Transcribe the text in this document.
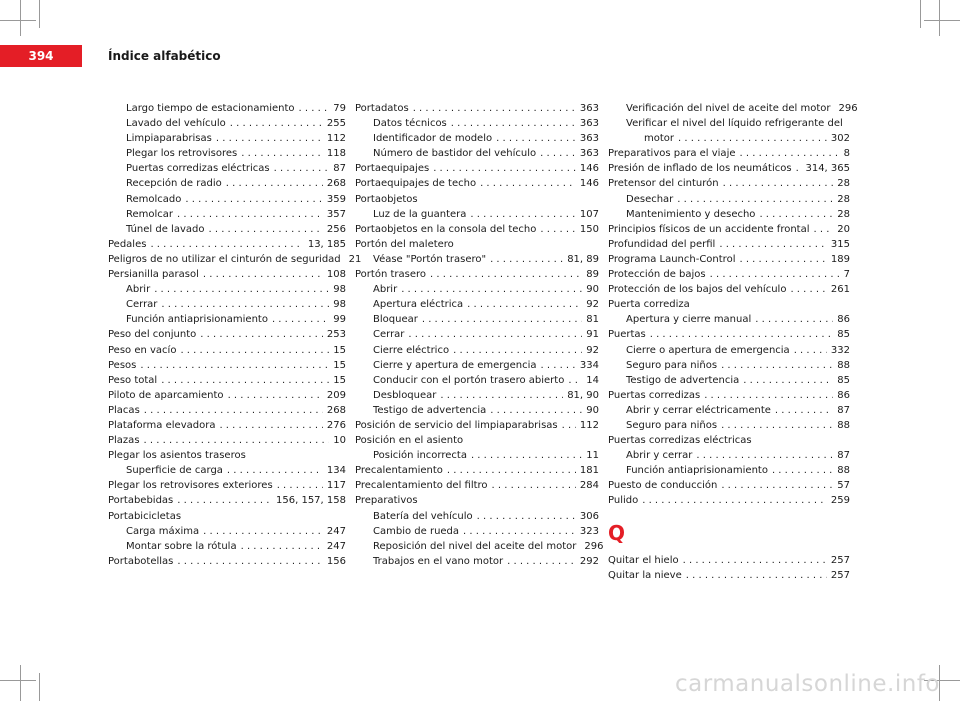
394	Índice alfabético
Largo tiempo de estacionamiento . . .	79
Lavado del vehículo . . .	255
Limpiaparabrisas . . .	112
Plegar los retrovisores . . .	118
Puertas corredizas eléctricas . . .	87
Recepción de radio . . .	268
Remolcado . . .	359
Remolcar . . .	357
Túnel de lavado . . .	256
Pedales . . .	13, 185
Peligros de no utilizar el cinturón de seguridad 21
Persianilla parasol . . .	108
Abrir . . .	98
Cerrar . . .	98
Función antiaprisionamiento . . .	99
Peso del conjunto . . .	253
Peso en vacío . . .	15
Pesos . . .	15
Peso total . . .	15
Piloto de aparcamiento . . .	209
Placas . . .	268
Plataforma elevadora . . .	276
Plazas . . .	10
Plegar los asientos traseros
Superficie de carga . . .	134
Plegar los retrovisores exteriores . . .	117
Portabebidas . . .	156, 157, 158
Portabicicletas
Carga máxima . . .	247
Montar sobre la rótula . . .	247
Portabotellas . . .	156
Portadatos . . .	363
Datos técnicos . . .	363
Identificador de modelo . . .	363
Número de bastidor del vehículo . . .	363
Portaequipajes . . .	146
Portaequipajes de techo . . .	146
Portaobjetos
Luz de la guantera . . .	107
Portaobjetos en la consola del techo . . .	150
Portón del maletero
Véase "Portón trasero" . . .	81, 89
Portón trasero . . .	89
Abrir . . .	90
Apertura eléctrica . . .	92
Bloquear . . .	81
Cerrar . . .	91
Cierre eléctrico . . .	92
Cierre y apertura de emergencia . . .	334
Conducir con el portón trasero abierto . . . 14
Desbloquear . . .	81, 90
Testigo de advertencia . . .	90
Posición de servicio del limpiaparabrisas . . . 112
Posición en el asiento
Posición incorrecta . . .	11
Precalentamiento . . .	181
Precalentamiento del filtro . . .	284
Preparativos
Batería del vehículo . . .	306
Cambio de rueda . . .	323
Reposición del nivel del aceite del motor 296
Trabajos en el vano motor . . .	292
Verificación del nivel de aceite del motor 296
Verificar el nivel del líquido refrigerante del
motor . . .	302
Preparativos para el viaje . . .	8
Presión de inflado de los neumáticos . . . 314, 365
Pretensor del cinturón . . .	28
Desechar . . .	28
Mantenimiento y desecho . . .	28
Principios físicos de un accidente frontal . . .	20
Profundidad del perfil . . .	315
Programa Launch-Control . . .	189
Protección de bajos . . .	7
Protección de los bajos del vehículo . . .	261
Puerta corrediza
Apertura y cierre manual . . .	86
Puertas . . .	85
Cierre o apertura de emergencia . . .	332
Seguro para niños . . .	88
Testigo de advertencia . . .	85
Puertas corredizas . . .	86
Abrir y cerrar eléctricamente . . .	87
Seguro para niños . . .	88
Puertas corredizas eléctricas
Abrir y cerrar . . .	87
Función antiaprisionamiento . . .	88
Puesto de conducción . . .	57
Pulido . . .	259
Q
Quitar el hielo . . .	257
Quitar la nieve . . .	257
carmanualsonline.info
